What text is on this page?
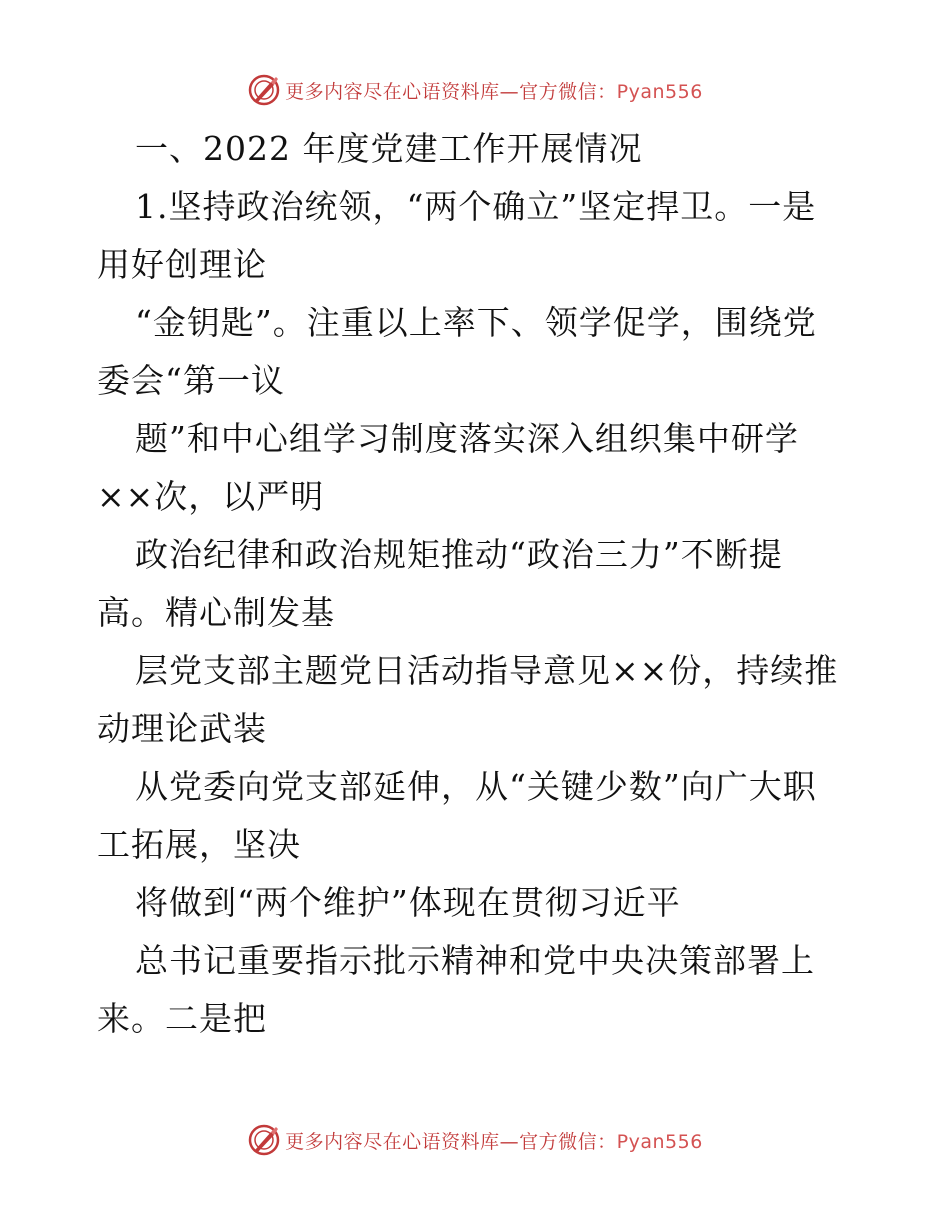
更多内容尽在心语资料库—官方微信：Pyan556
一、2022 年度党建工作开展情况
1.坚持政治统领，“两个确立”坚定捍卫。一是
用好创理论
“金钥匙”。注重以上率下、领学促学，围绕党
委会“第一议
题”和中心组学习制度落实深入组织集中研学
××次，以严明
政治纪律和政治规矩推动“政治三力”不断提
高。精心制发基
层党支部主题党日活动指导意见××份，持续推
动理论武装
从党委向党支部延伸，从“关键少数”向广大职
工拓展，坚决
将做到“两个维护”体现在贯彻习近平
总书记重要指示批示精神和党中央决策部署上
来。二是把
更多内容尽在心语资料库—官方微信：Pyan556
